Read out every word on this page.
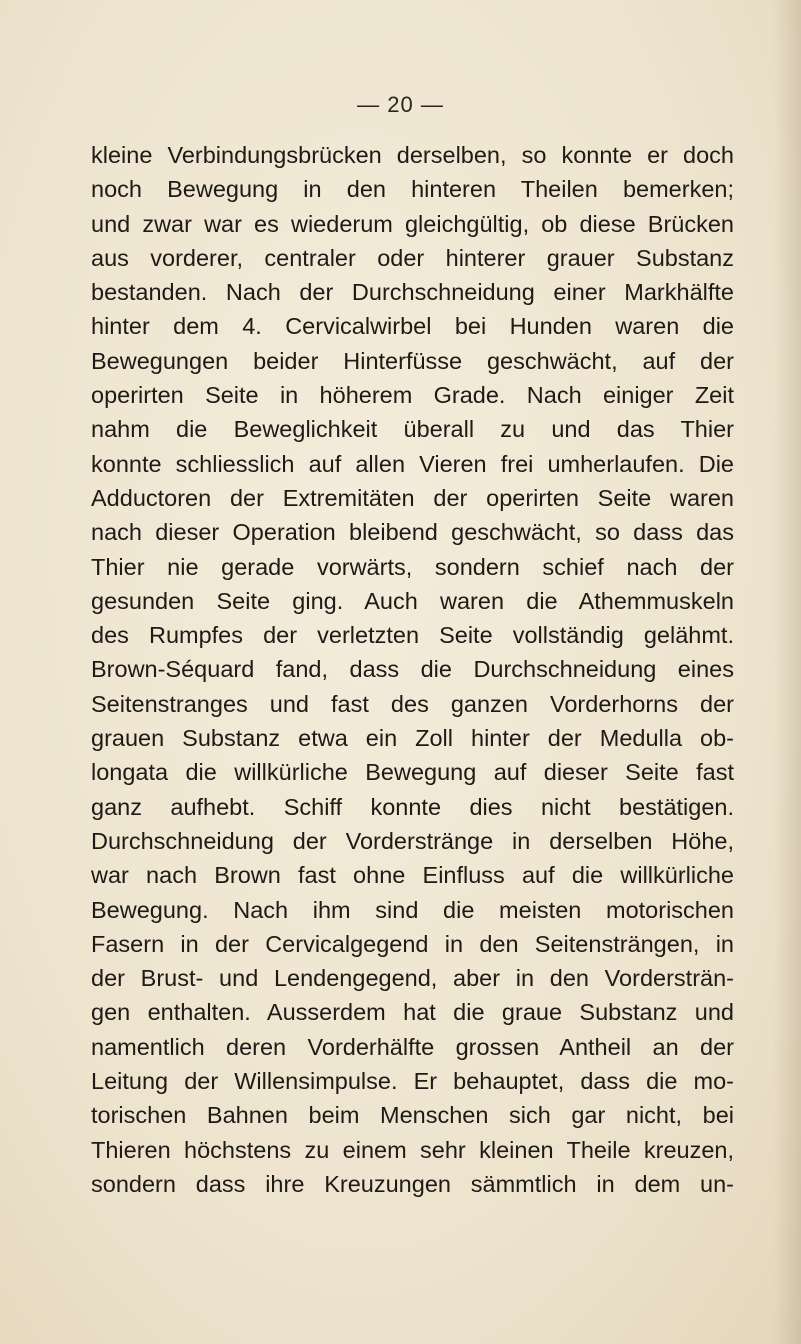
— 20 —
kleine Verbindungsbrücken derselben, so konnte er doch
noch Bewegung in den hinteren Theilen bemerken;
und zwar war es wiederum gleichgültig, ob diese Brücken
aus vorderer, centraler oder hinterer grauer Substanz
bestanden. Nach der Durchschneidung einer Markhälfte
hinter dem 4. Cervicalwirbel bei Hunden waren die
Bewegungen beider Hinterfüsse geschwächt, auf der
operirten Seite in höherem Grade. Nach einiger Zeit
nahm die Beweglichkeit überall zu und das Thier
konnte schliesslich auf allen Vieren frei umherlaufen. Die
Adductoren der Extremitäten der operirten Seite waren
nach dieser Operation bleibend geschwächt, so dass das
Thier nie gerade vorwärts, sondern schief nach der
gesunden Seite ging. Auch waren die Athemmuskeln
des Rumpfes der verletzten Seite vollständig gelähmt.
Brown-Séquard fand, dass die Durchschneidung eines
Seitenstranges und fast des ganzen Vorderhorns der
grauen Substanz etwa ein Zoll hinter der Medulla ob-
longata die willkürliche Bewegung auf dieser Seite fast
ganz aufhebt. Schiff konnte dies nicht bestätigen.
Durchschneidung der Vorderstränge in derselben Höhe,
war nach Brown fast ohne Einfluss auf die willkürliche
Bewegung. Nach ihm sind die meisten motorischen
Fasern in der Cervicalgegend in den Seitensträngen, in
der Brust- und Lendengegend, aber in den Vordersträn-
gen enthalten. Ausserdem hat die graue Substanz und
namentlich deren Vorderhälfte grossen Antheil an der
Leitung der Willensimpulse. Er behauptet, dass die mo-
torischen Bahnen beim Menschen sich gar nicht, bei
Thieren höchstens zu einem sehr kleinen Theile kreuzen,
sondern dass ihre Kreuzungen sämmtlich in dem un-
